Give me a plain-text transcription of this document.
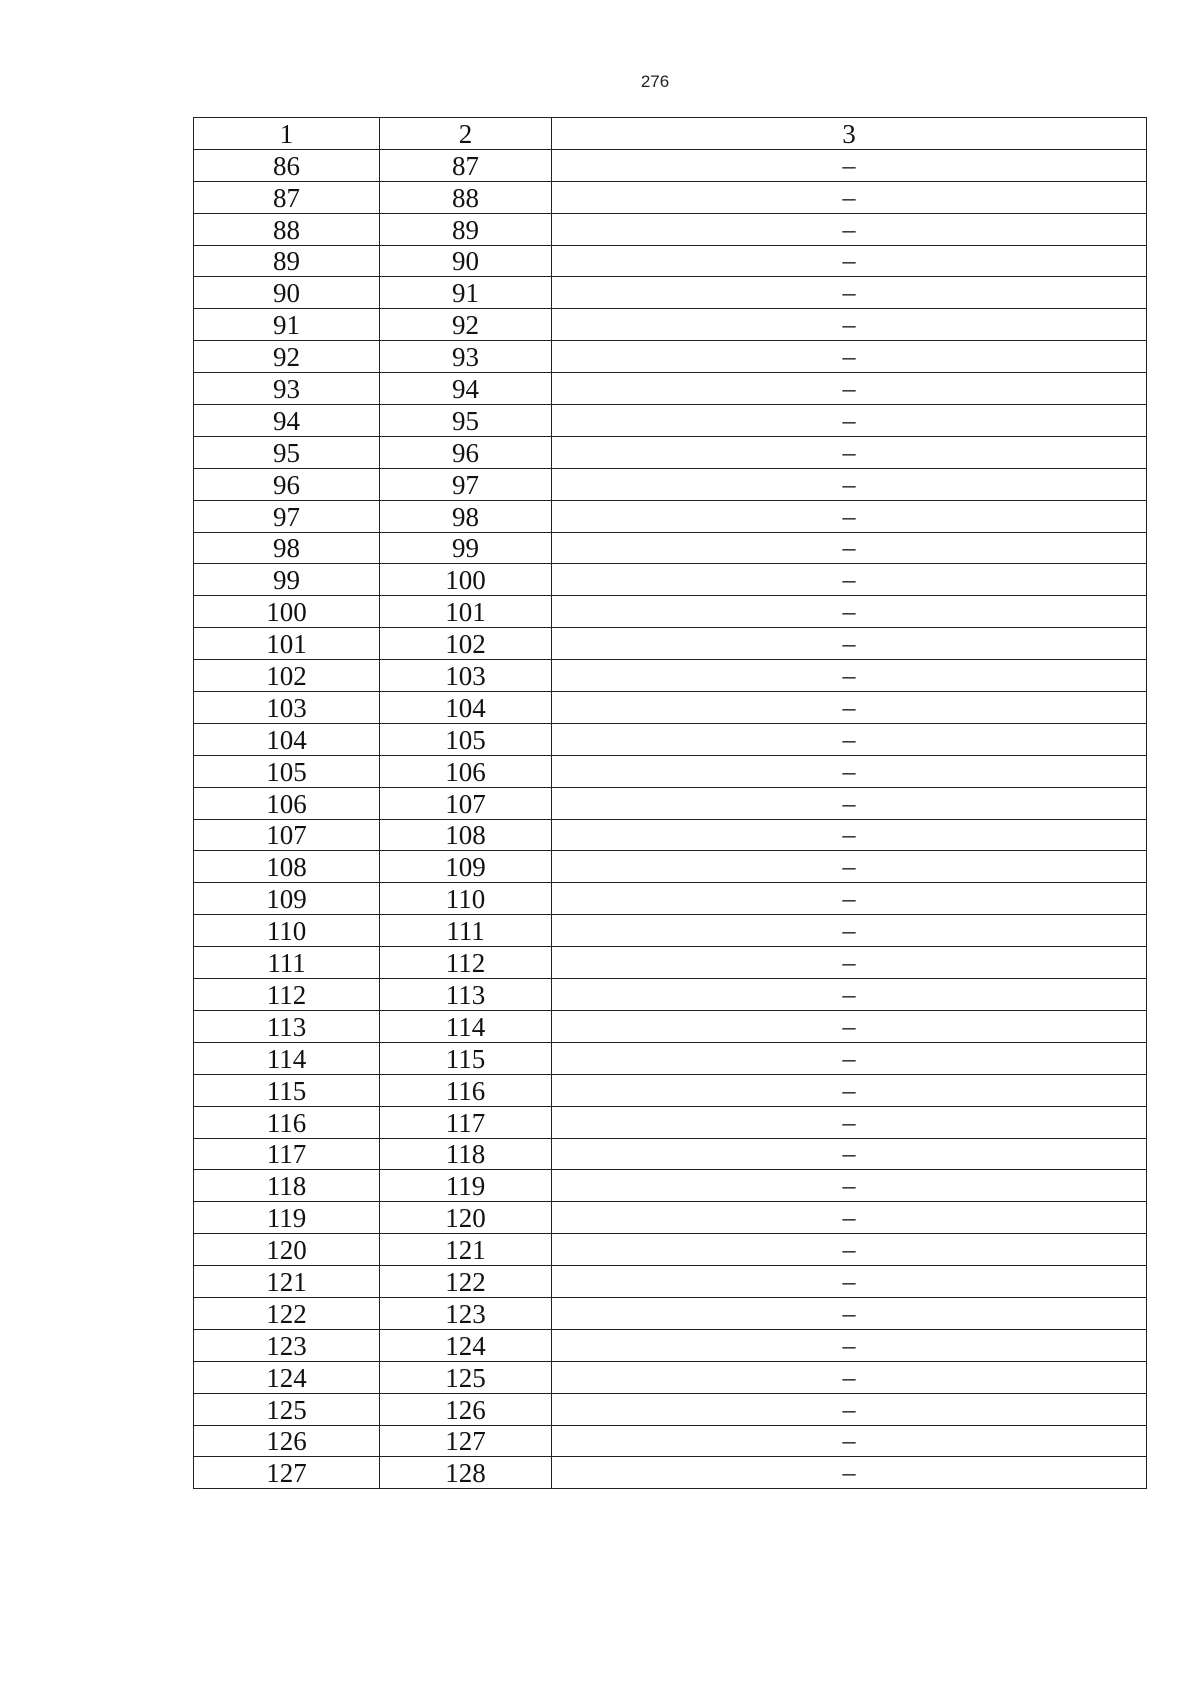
276
1	2	3
86	87	–
87	88	–
88	89	–
89	90	–
90	91	–
91	92	–
92	93	–
93	94	–
94	95	–
95	96	–
96	97	–
97	98	–
98	99	–
99	100	–
100	101	–
101	102	–
102	103	–
103	104	–
104	105	–
105	106	–
106	107	–
107	108	–
108	109	–
109	110	–
110	111	–
111	112	–
112	113	–
113	114	–
114	115	–
115	116	–
116	117	–
117	118	–
118	119	–
119	120	–
120	121	–
121	122	–
122	123	–
123	124	–
124	125	–
125	126	–
126	127	–
127	128	–
